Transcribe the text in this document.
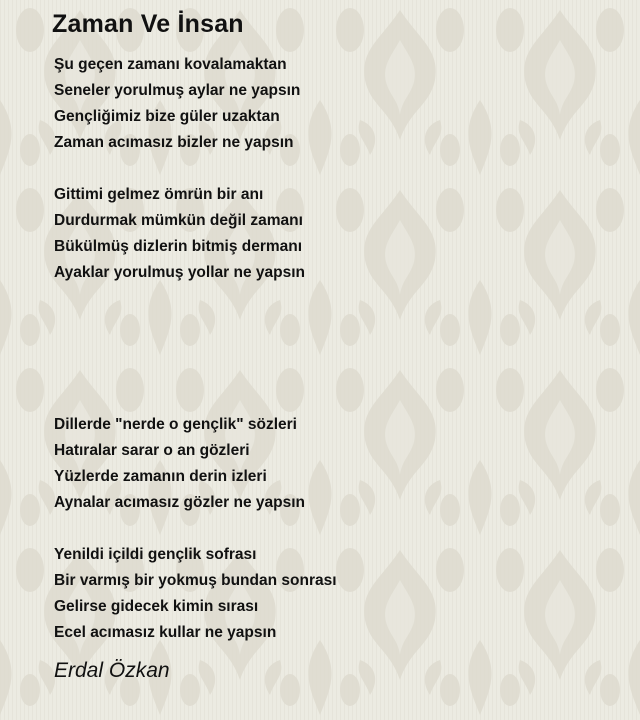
Zaman Ve İnsan
Şu geçen zamanı kovalamaktan
Seneler yorulmuş aylar ne yapsın
Gençliğimiz bize güler uzaktan
Zaman acımasız bizler ne yapsın
Gittimi gelmez ömrün bir anı
Durdurmak mümkün değil zamanı
Bükülmüş dizlerin bitmiş dermanı
Ayaklar yorulmuş yollar ne yapsın
Dillerde "nerde o gençlik" sözleri
Hatıralar sarar o an gözleri
Yüzlerde zamanın derin izleri
Aynalar acımasız gözler ne yapsın
Yenildi içildi gençlik sofrası
Bir varmış bir yokmuş bundan sonrası
Gelirse gidecek kimin sırası
Ecel acımasız kullar ne yapsın
Erdal Özkan
